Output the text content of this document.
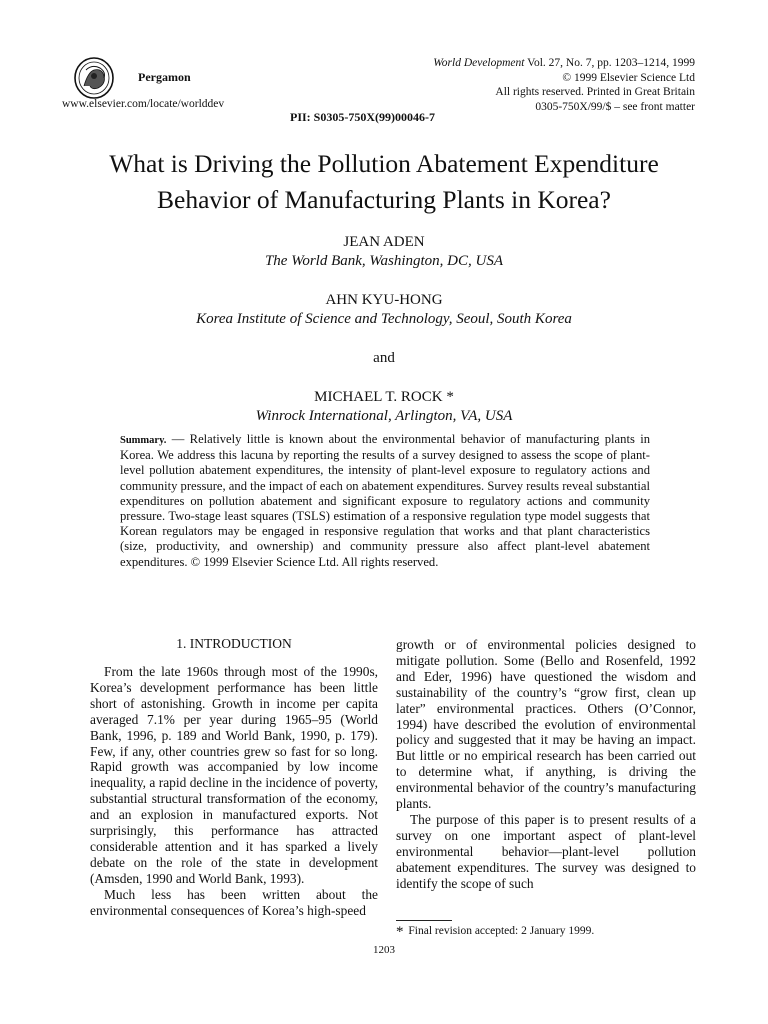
Pergamon
www.elsevier.com/locate/worlddev
World Development Vol. 27, No. 7, pp. 1203–1214, 1999
© 1999 Elsevier Science Ltd
All rights reserved. Printed in Great Britain
0305-750X/99/$ – see front matter
PII: S0305-750X(99)00046-7
What is Driving the Pollution Abatement Expenditure
Behavior of Manufacturing Plants in Korea?
JEAN ADEN
The World Bank, Washington, DC, USA
AHN KYU-HONG
Korea Institute of Science and Technology, Seoul, South Korea
and
MICHAEL T. ROCK *
Winrock International, Arlington, VA, USA
Summary. — Relatively little is known about the environmental behavior of manufacturing plants in Korea. We address this lacuna by reporting the results of a survey designed to assess the scope of plant-level pollution abatement expenditures, the intensity of plant-level exposure to regulatory actions and community pressure, and the impact of each on abatement expenditures. Survey results reveal substantial expenditures on pollution abatement and significant exposure to regulatory actions and community pressure. Two-stage least squares (TSLS) estimation of a responsive regulation type model suggests that Korean regulators may be engaged in responsive regulation that works and that plant characteristics (size, productivity, and ownership) and community pressure also affect plant-level abatement expenditures. © 1999 Elsevier Science Ltd. All rights reserved.
1. INTRODUCTION

From the late 1960s through most of the 1990s, Korea’s development performance has been little short of astonishing. Growth in income per capita averaged 7.1% per year during 1965–95 (World Bank, 1996, p. 189 and World Bank, 1990, p. 179). Few, if any, other countries grew so fast for so long. Rapid growth was accompanied by low income inequality, a rapid decline in the incidence of poverty, substantial structural transformation of the economy, and an explosion in manufactured exports. Not surprisingly, this performance has attracted considerable attention and it has sparked a lively debate on the role of the state in development (Amsden, 1990 and World Bank, 1993).

Much less has been written about the environmental consequences of Korea’s high-speed

growth or of environmental policies designed to mitigate pollution. Some (Bello and Rosenfeld, 1992 and Eder, 1996) have questioned the wisdom and sustainability of the country’s “grow first, clean up later” environmental practices. Others (O’Connor, 1994) have described the evolution of environmental policy and suggested that it may be having an impact. But little or no empirical research has been carried out to determine what, if anything, is driving the environmental behavior of the country’s manufacturing plants.

The purpose of this paper is to present results of a survey on one important aspect of plant-level environmental behavior—plant-level pollution abatement expenditures. The survey was designed to identify the scope of such

* Final revision accepted: 2 January 1999.
1203
